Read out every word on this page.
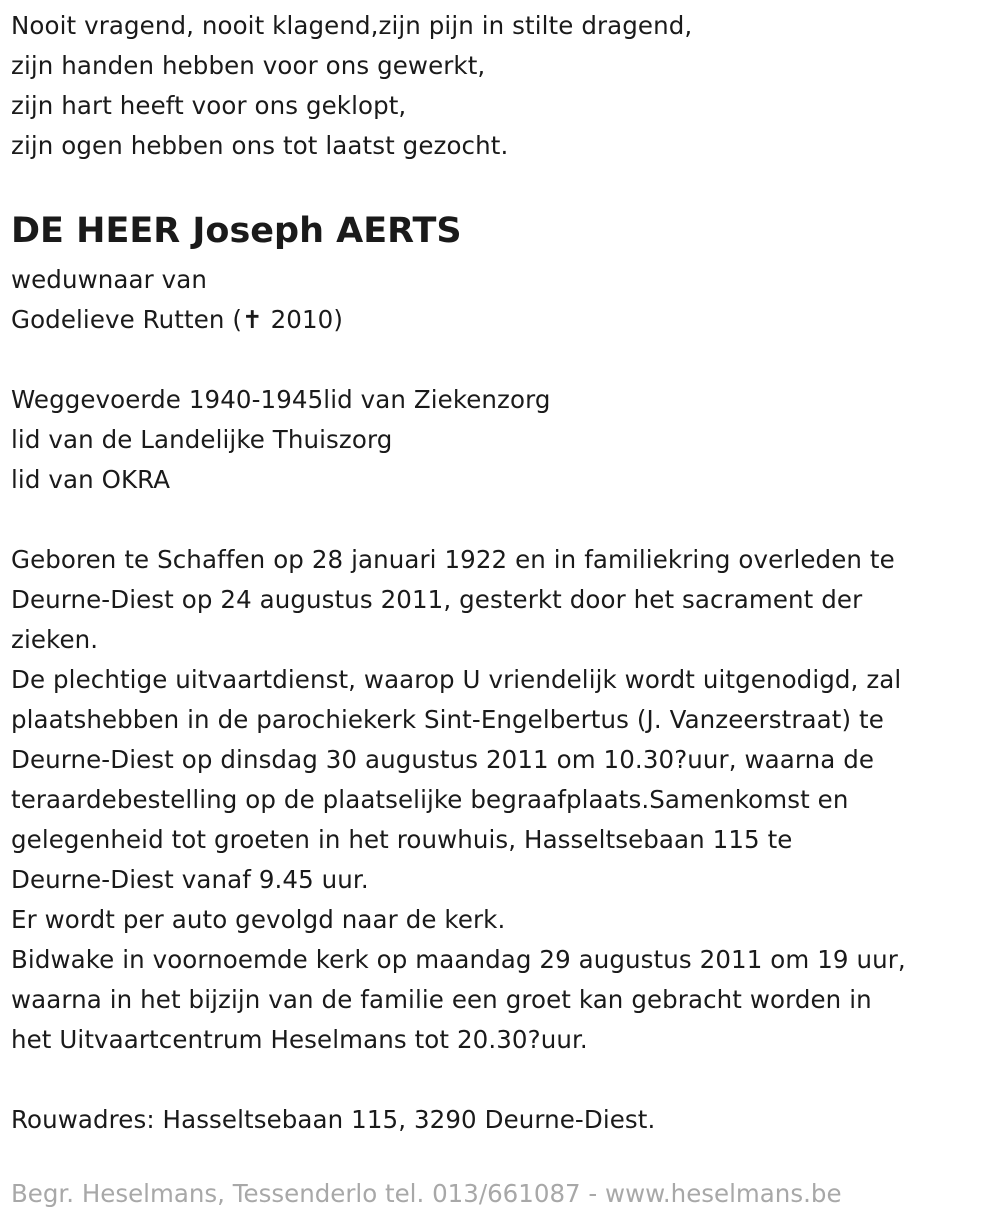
Nooit vragend, nooit klagend,zijn pijn in stilte dragend,
zijn handen hebben voor ons gewerkt,
zijn hart heeft voor ons geklopt,
zijn ogen hebben ons tot laatst gezocht.
DE HEER Joseph AERTS
weduwnaar van
Godelieve Rutten (✝ 2010)
Weggevoerde 1940-1945lid van Ziekenzorg
lid van de Landelijke Thuiszorg
lid van OKRA
Geboren te Schaffen op 28 januari 1922 en in familiekring overleden te
Deurne-Diest op 24 augustus 2011, gesterkt door het sacrament der
zieken.
De plechtige uitvaartdienst, waarop U vriendelijk wordt uitgenodigd, zal
plaatshebben in de parochiekerk Sint-Engelbertus (J. Vanzeerstraat) te
Deurne-Diest op dinsdag 30 augustus 2011 om 10.30?uur, waarna de
teraardebestelling op de plaatselijke begraafplaats.Samenkomst en
gelegenheid tot groeten in het rouwhuis, Hasseltsebaan 115 te
Deurne-Diest vanaf 9.45 uur.
Er wordt per auto gevolgd naar de kerk.
Bidwake in voornoemde kerk op maandag 29 augustus 2011 om 19 uur,
waarna in het bijzijn van de familie een groet kan gebracht worden in
het Uitvaartcentrum Heselmans tot 20.30?uur.
Rouwadres: Hasseltsebaan 115, 3290 Deurne-Diest.
Begr. Heselmans, Tessenderlo tel. 013/661087 - www.heselmans.be
